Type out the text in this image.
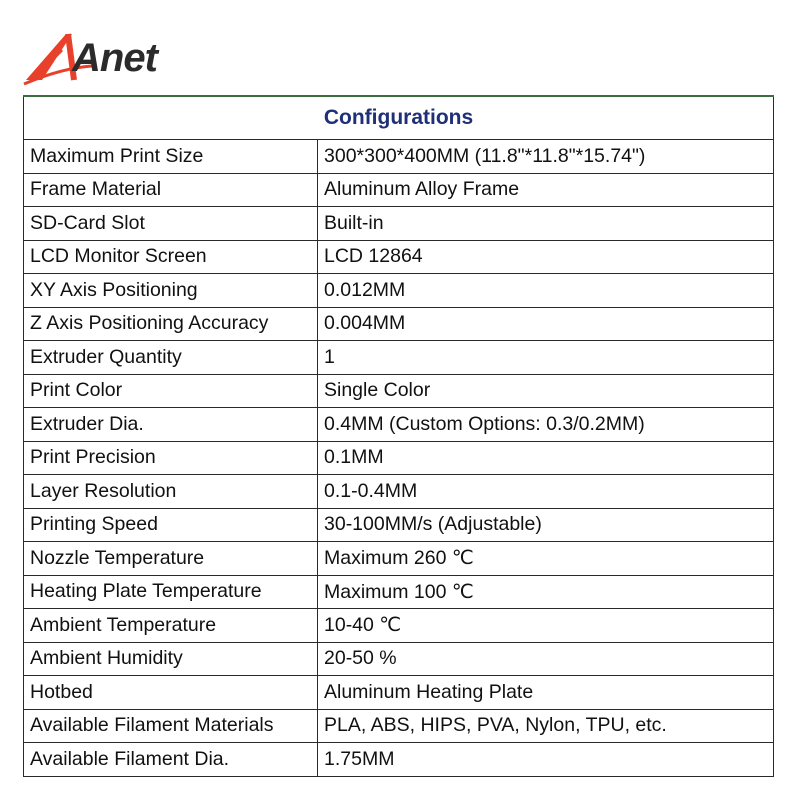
Anet
Configurations	
Maximum Print Size	300*300*400MM (11.8"*11.8"*15.74")
Frame Material	Aluminum Alloy Frame
SD-Card Slot	Built-in
LCD Monitor Screen	LCD 12864
XY Axis Positioning	0.012MM
Z Axis Positioning Accuracy	0.004MM
Extruder Quantity	1
Print Color	Single Color
Extruder Dia.	0.4MM (Custom Options: 0.3/0.2MM)
Print Precision	0.1MM
Layer Resolution	0.1-0.4MM
Printing Speed	30-100MM/s (Adjustable)
Nozzle Temperature	Maximum 260 ℃
Heating Plate Temperature	Maximum 100 ℃
Ambient Temperature	10-40 ℃
Ambient Humidity	20-50 %
Hotbed	Aluminum Heating Plate
Available Filament Materials	PLA, ABS, HIPS, PVA, Nylon, TPU, etc.
Available Filament Dia.	1.75MM
